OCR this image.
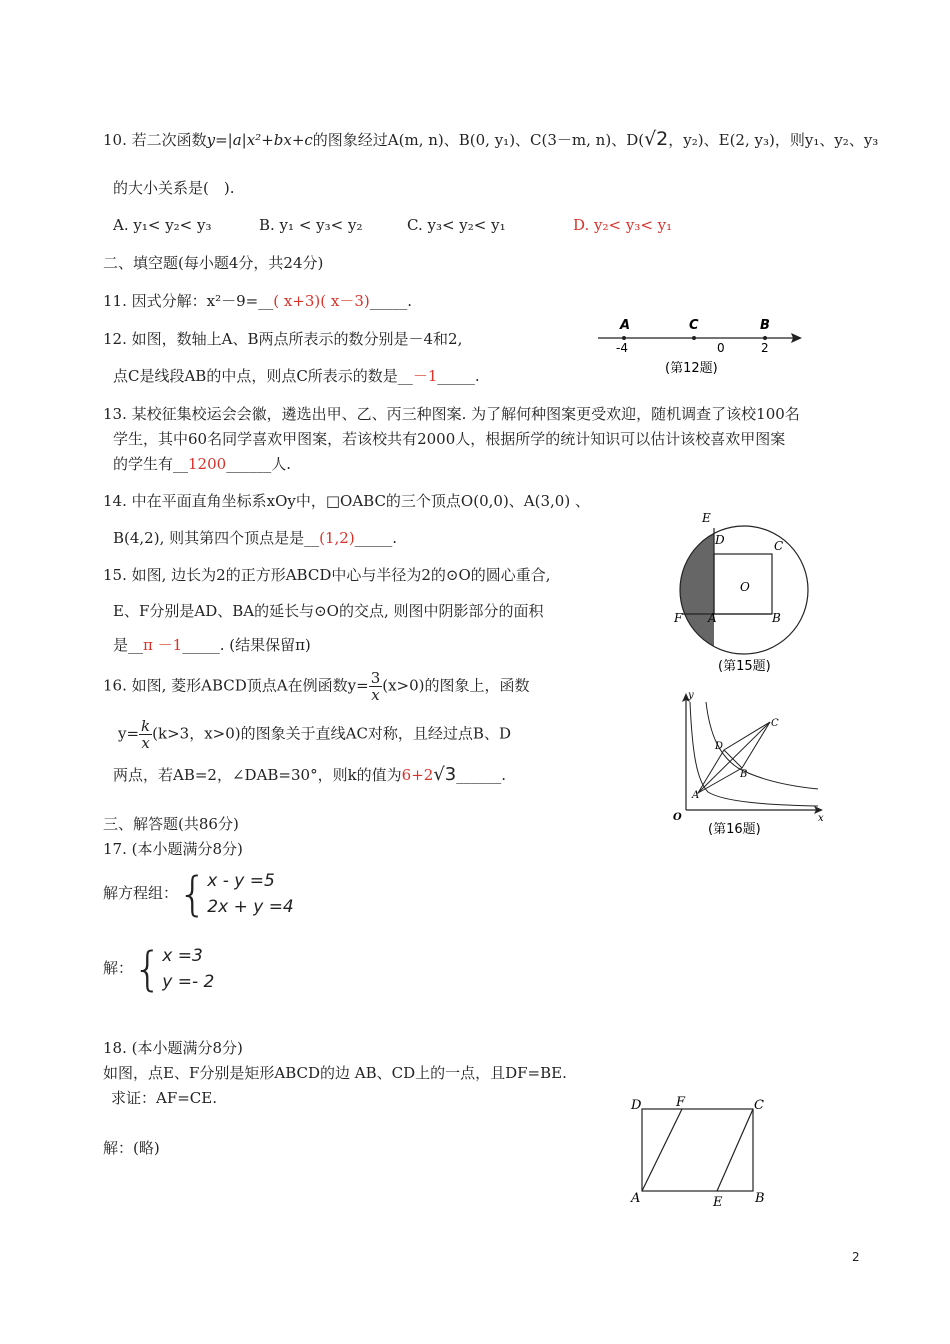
10. 若二次函数y=|a|x²+bx+c的图象经过A(m, n)、B(0, y₁)、C(3－m, n)、D(√2，y₂)、E(2, y₃)，则y₁、y₂、y₃
的大小关系是(　).
A. y₁< y₂< y₃	B. y₁ < y₃< y₂	C. y₃< y₂< y₁	D. y₂< y₃< y₁
二、填空题(每小题4分，共24分)
11. 因式分解：x²－9=__( x+3)( x－3)_____.
12. 如图，数轴上A、B两点所表示的数分别是－4和2,
点C是线段AB的中点，则点C所表示的数是__－1_____.
A	C	B
-4	0	2
(第12题)
13. 某校征集校运会会徽，遴选出甲、乙、丙三种图案. 为了解何种图案更受欢迎，随机调查了该校100名
学生，其中60名同学喜欢甲图案，若该校共有2000人，根据所学的统计知识可以估计该校喜欢甲图案
的学生有__1200______人.
14. 中在平面直角坐标系xOy中，□OABC的三个顶点O(0,0)、A(3,0) 、
B(4,2), 则其第四个顶点是是__(1,2)_____.
15. 如图, 边长为2的正方形ABCD中心与半径为2的⊙O的圆心重合,
E、F分别是AD、BA的延长与⊙O的交点, 则图中阴影部分的面积
是__π －1_____. (结果保留π)
E
D	C
O
F A	B
(第15题)
16. 如图, 菱形ABCD顶点A在例函数$y= \frac{3}{x} (x>0)$的图象上，函数
$y= \frac{k}{x} (k>3$，x>0)的图象关于直线AC对称，且经过点B、D
两点，若AB=2，∠DAB=30°，则k的值为6+2√3______.
y
x
O
A
B
C
D
(第16题)
三、解答题(共86分)
17. (本小题满分8分)
解方程组：{ x - y =5
2x + y =4
解：{ x =3
y =- 2
18. (本小题满分8分)
如图，点E、F分别是矩形ABCD的边 AB、CD上的一点，且DF=BE.
求证：AF=CE.
解：(略)
D	F	C
A	E	B
2
